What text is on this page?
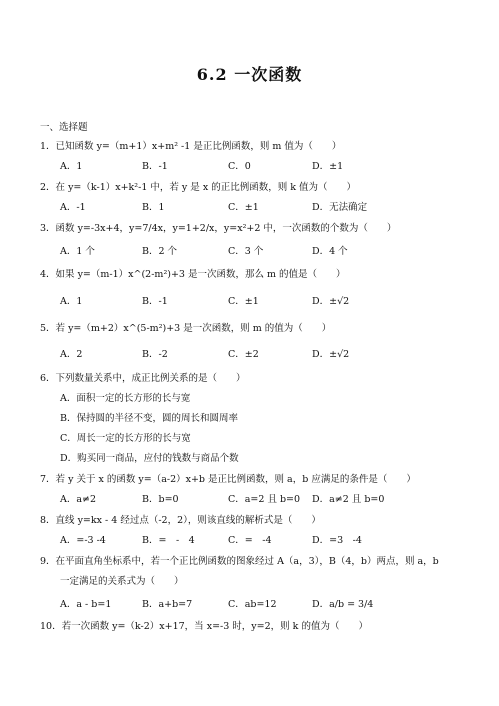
6.2 一次函数
一、选择题
1．已知函数 y=（m+1）x+m² -1 是正比例函数，则 m 值为（　　）
A．1	B．-1	C．0	D．±1
2．在 y=（k-1）x+k²-1 中，若 y 是 x 的正比例函数，则 k 值为（　　）
A．-1	B．1	C．±1	D．无法确定
3．函数 y=-3x+4，y=7/4x，y=1+2/x，y=x²+2 中，一次函数的个数为（　　）
A．1 个	B．2 个	C．3 个	D．4 个
4．如果 y=（m-1）x^(2-m²)+3 是一次函数，那么 m 的值是（　　）
A．1	B．-1	C．±1	D．±√2
5．若 y=（m+2）x^(5-m²)+3 是一次函数，则 m 的值为（　　）
A．2	B．-2	C．±2	D．±√2
6．下列数量关系中，成正比例关系的是（　　）
A．面积一定的长方形的长与宽
B．保持圆的半径不变，圆的周长和圆周率
C．周长一定的长方形的长与宽
D．购买同一商品，应付的钱数与商品个数
7．若 y 关于 x 的函数 y=（a-2）x+b 是正比例函数，则 a，b 应满足的条件是（　　）
A．a≠2	B．b=0	C．a=2 且 b=0 D．a≠2 且 b=0
8．直线 y=kx - 4 经过点（-2，2），则该直线的解析式是（　　）
A．=-3 -4	B．=　-　4	C．=　-4	D．=3　-4
9．在平面直角坐标系中，若一个正比例函数的图象经过 A（a，3），B（4，b）两点，则 a，b
一定满足的关系式为（　　）
A．a - b=1	B．a+b=7	C．ab=12	D．a/b = 3/4
10．若一次函数 y=（k-2）x+17，当 x=-3 时，y=2，则 k 的值为（　　）
